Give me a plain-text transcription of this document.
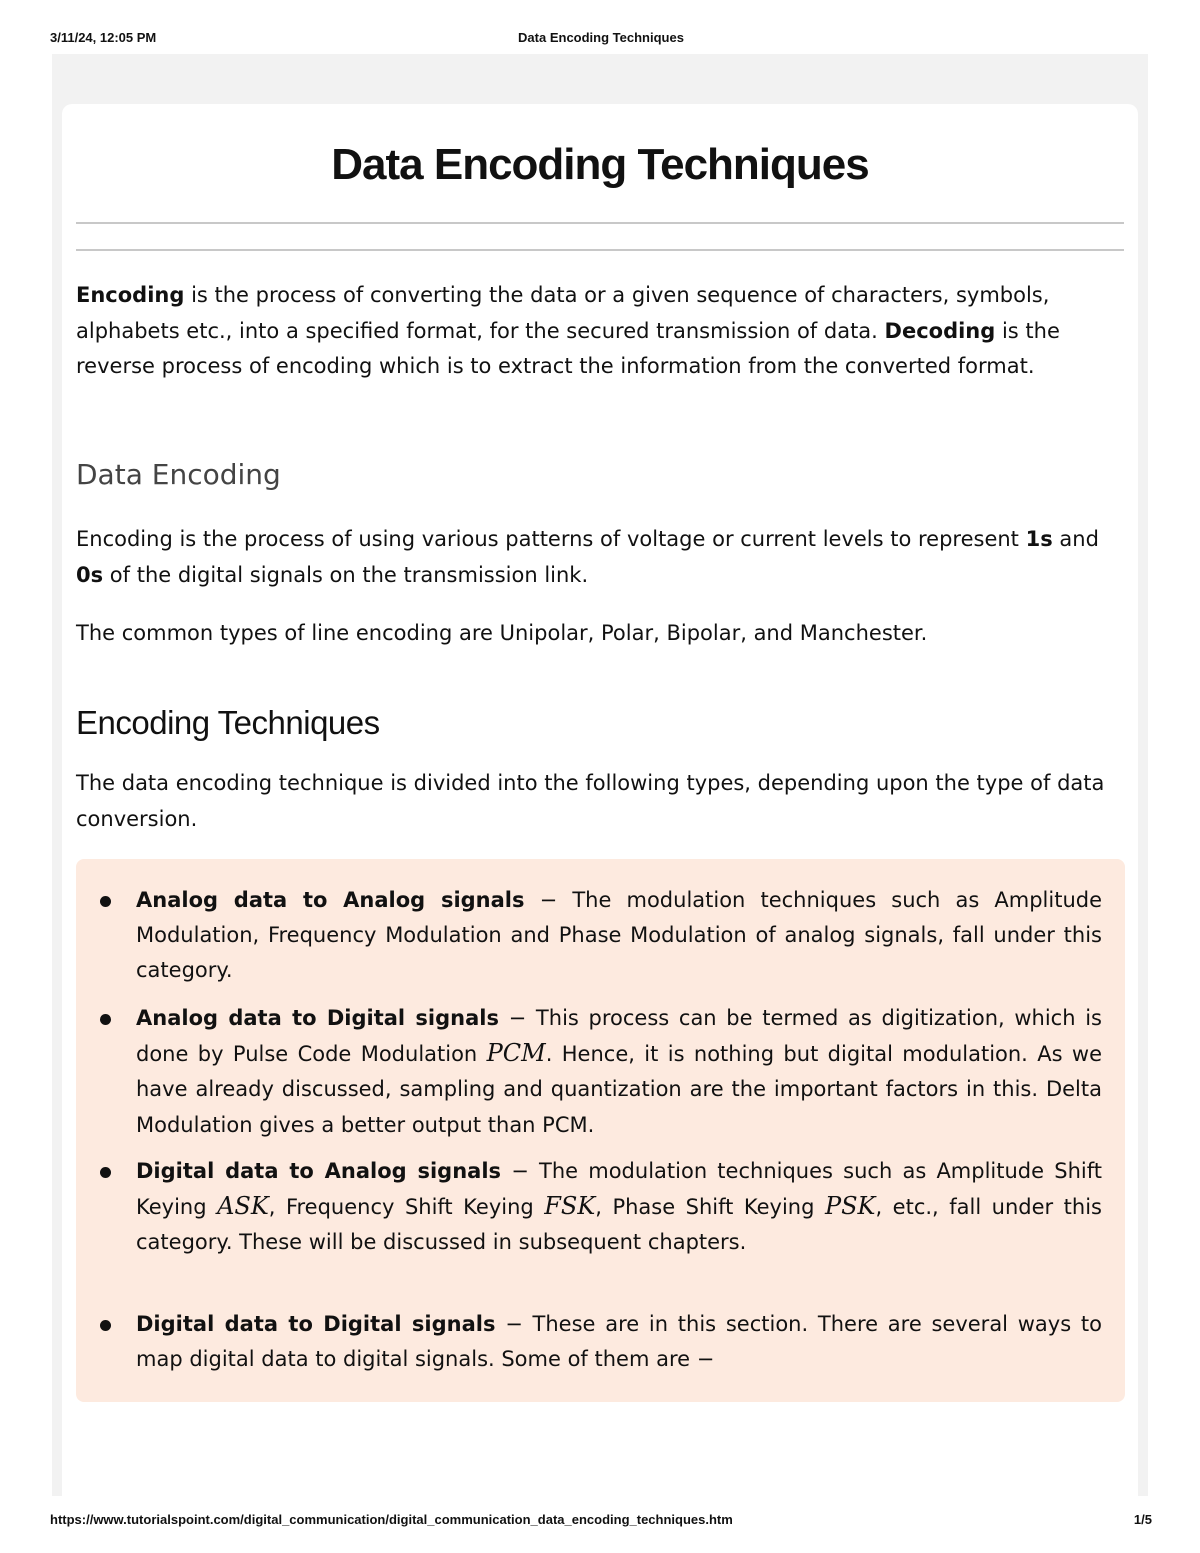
3/11/24, 12:05 PM	Data Encoding Techniques
Data Encoding Techniques

Encoding is the process of converting the data or a given sequence of characters, symbols, alphabets etc., into a specified format, for the secured transmission of data. Decoding is the reverse process of encoding which is to extract the information from the converted format.

Data Encoding

Encoding is the process of using various patterns of voltage or current levels to represent 1s and 0s of the digital signals on the transmission link.

The common types of line encoding are Unipolar, Polar, Bipolar, and Manchester.

Encoding Techniques

The data encoding technique is divided into the following types, depending upon the type of data conversion.

Analog data to Analog signals − The modulation techniques such as Amplitude Modulation, Frequency Modulation and Phase Modulation of analog signals, fall under this category.
Analog data to Digital signals − This process can be termed as digitization, which is done by Pulse Code Modulation PCM. Hence, it is nothing but digital modulation. As we have already discussed, sampling and quantization are the important factors in this. Delta Modulation gives a better output than PCM.
Digital data to Analog signals − The modulation techniques such as Amplitude Shift Keying ASK, Frequency Shift Keying FSK, Phase Shift Keying PSK, etc., fall under this category. These will be discussed in subsequent chapters.
Digital data to Digital signals − These are in this section. There are several ways to map digital data to digital signals. Some of them are −
https://www.tutorialspoint.com/digital_communication/digital_communication_data_encoding_techniques.htm	1/5
